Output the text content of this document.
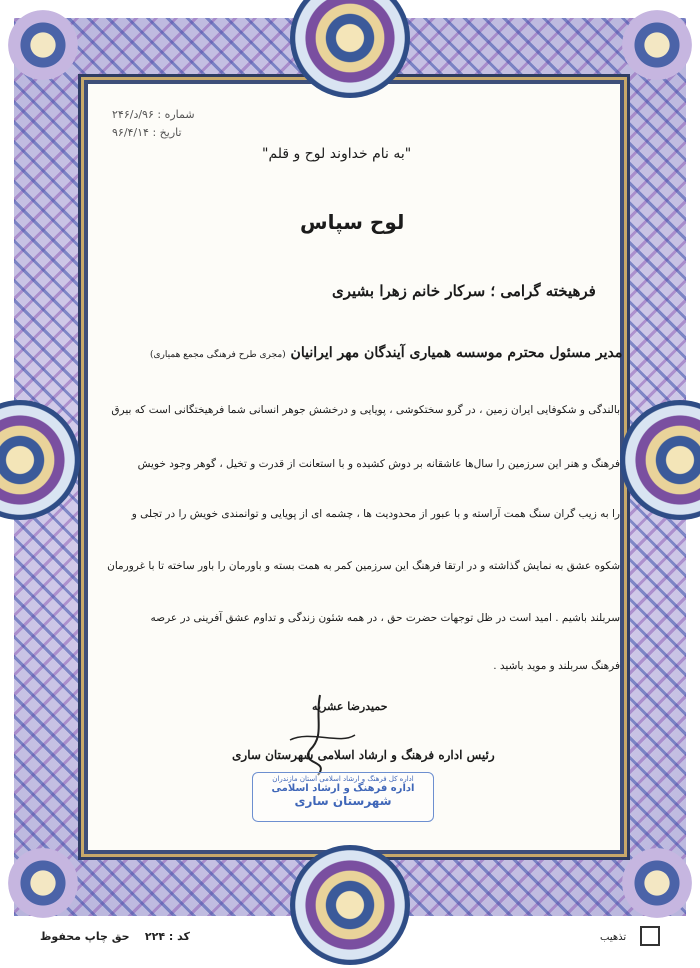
شماره : ۹۶/د/۲۴۶
تاریخ : ۹۶/۴/۱۴
"به نام خداوند لوح و قلم"
لوح سپاس
فرهیخته گرامی ؛ سرکار خانم زهرا بشیری
مدیر مسئول محترم موسسه همیاری آیندگان مهر ایرانیان (مجری طرح فرهنگی مجمع همیاری)
بالندگی و شکوفایی ایران زمین ، در گرو سختکوشی ، پویایی و درخشش جوهر انسانی شما فرهیختگانی است که بیرق
فرهنگ و هنر این سرزمین را سال‌ها عاشقانه بر دوش کشیده و با استعانت از قدرت و تخیل ، گوهر وجود خویش
را به زیب گران سنگ همت آراسته و با عبور از محدودیت ها ، چشمه ای از پویایی و توانمندی خویش را در تجلی و
شکوه عشق به نمایش گذاشته و در ارتقا فرهنگ این سرزمین کمر به همت بسته و باورمان را باور ساخته تا با غرورمان
سربلند باشیم . امید است در ظل توجهات حضرت حق ، در همه شئون زندگی و تداوم عشق آفرینی در عرصه
فرهنگ سربلند و موید باشید .
حمیدرضا عشریه
رئیس اداره فرهنگ و ارشاد اسلامی شهرستان ساری
اداره کل فرهنگ و ارشاد اسلامی استان مازندران
اداره فرهنگ و ارشاد اسلامی
شهرستان ساری
کد : ۲۲۴    حق چاپ محفوظ	تذهیب
